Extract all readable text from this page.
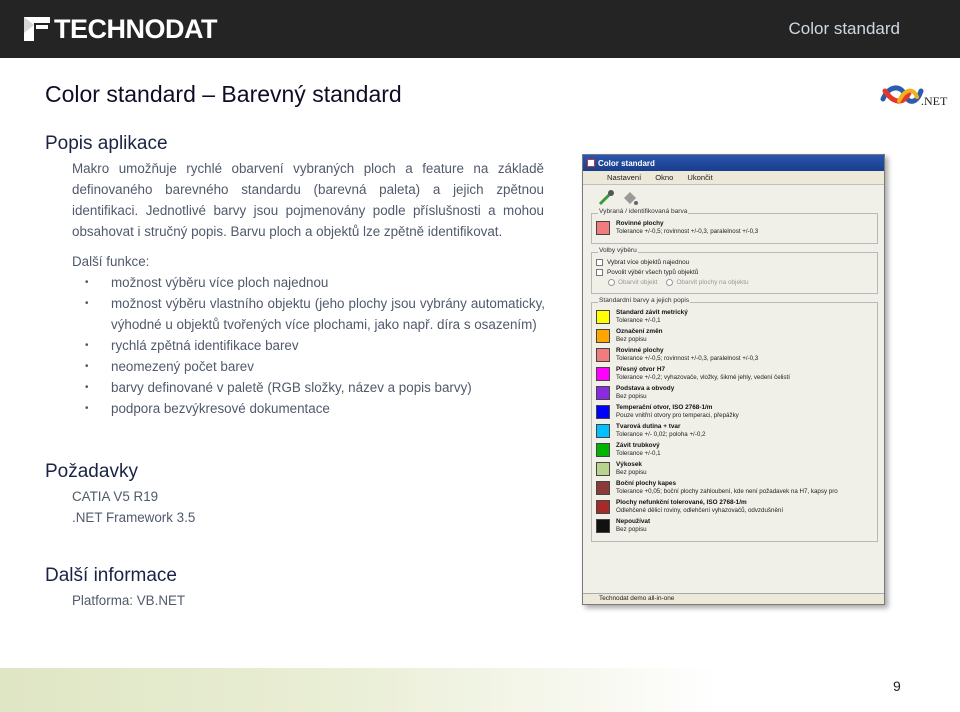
TECHNODAT	Color standard
Color standard – Barevný standard	.NET
Popis aplikace
Makro umožňuje rychlé obarvení vybraných ploch a feature na základě definovaného barevného standardu (barevná paleta) a jejich zpětnou identifikaci. Jednotlivé barvy jsou pojmenovány podle příslušnosti a mohou obsahovat i stručný popis. Barvu ploch a objektů lze zpětně identifikovat.
Další funkce:
• možnost výběru více ploch najednou
• možnost výběru vlastního objektu (jeho plochy jsou vybrány automaticky, výhodné u objektů tvořených více plochami, jako např. díra s osazením)
• rychlá zpětná identifikace barev
• neomezený počet barev
• barvy definované v paletě (RGB složky, název a popis barvy)
• podpora bezvýkresové dokumentace
Požadavky
CATIA V5 R19
.NET Framework 3.5
Další informace
Platforma: VB.NET
Color standard
Nastavení Okno Ukončit
Vybraná / identifikovaná barva
Rovinné plochy
Tolerance +/-0,5; rovinnost +/-0,3, paralelnost +/-0,3
Volby výběru
Vybrat více objektů najednou
Povolit výběr všech typů objektů
Obarvit objekt	Obarvit plochy na objektu
Standardní barvy a jejich popis
Standard závit metrický
Tolerance +/-0,1
Označení změn
Bez popisu
Rovinné plochy
Tolerance +/-0,5; rovinnost +/-0,3, paralelnost +/-0,3
Přesný otvor H7
Tolerance +/-0,2; vyhazovače, vložky, šikmé jehly, vedení čelistí
Podstava a obvody
Bez popisu
Temperační otvor, ISO 2768-1/m
Pouze vnitřní otvory pro temperaci, přepážky
Tvarová dutina + tvar
Tolerance +/- 0,02; poloha +/-0,2
Závit trubkový
Tolerance +/-0,1
Výkosek
Bez popisu
Boční plochy kapes
Tolerance +0,05; boční plochy zahloubení, kde není požadavek na H7, kapsy pro
Plochy nefunkční tolerované, ISO 2768-1/m
Odlehčené dělicí roviny, odlehčení vyhazovačů, odvzdušnění
Nepoužívat
Bez popisu
Technodat demo all-in-one
9
